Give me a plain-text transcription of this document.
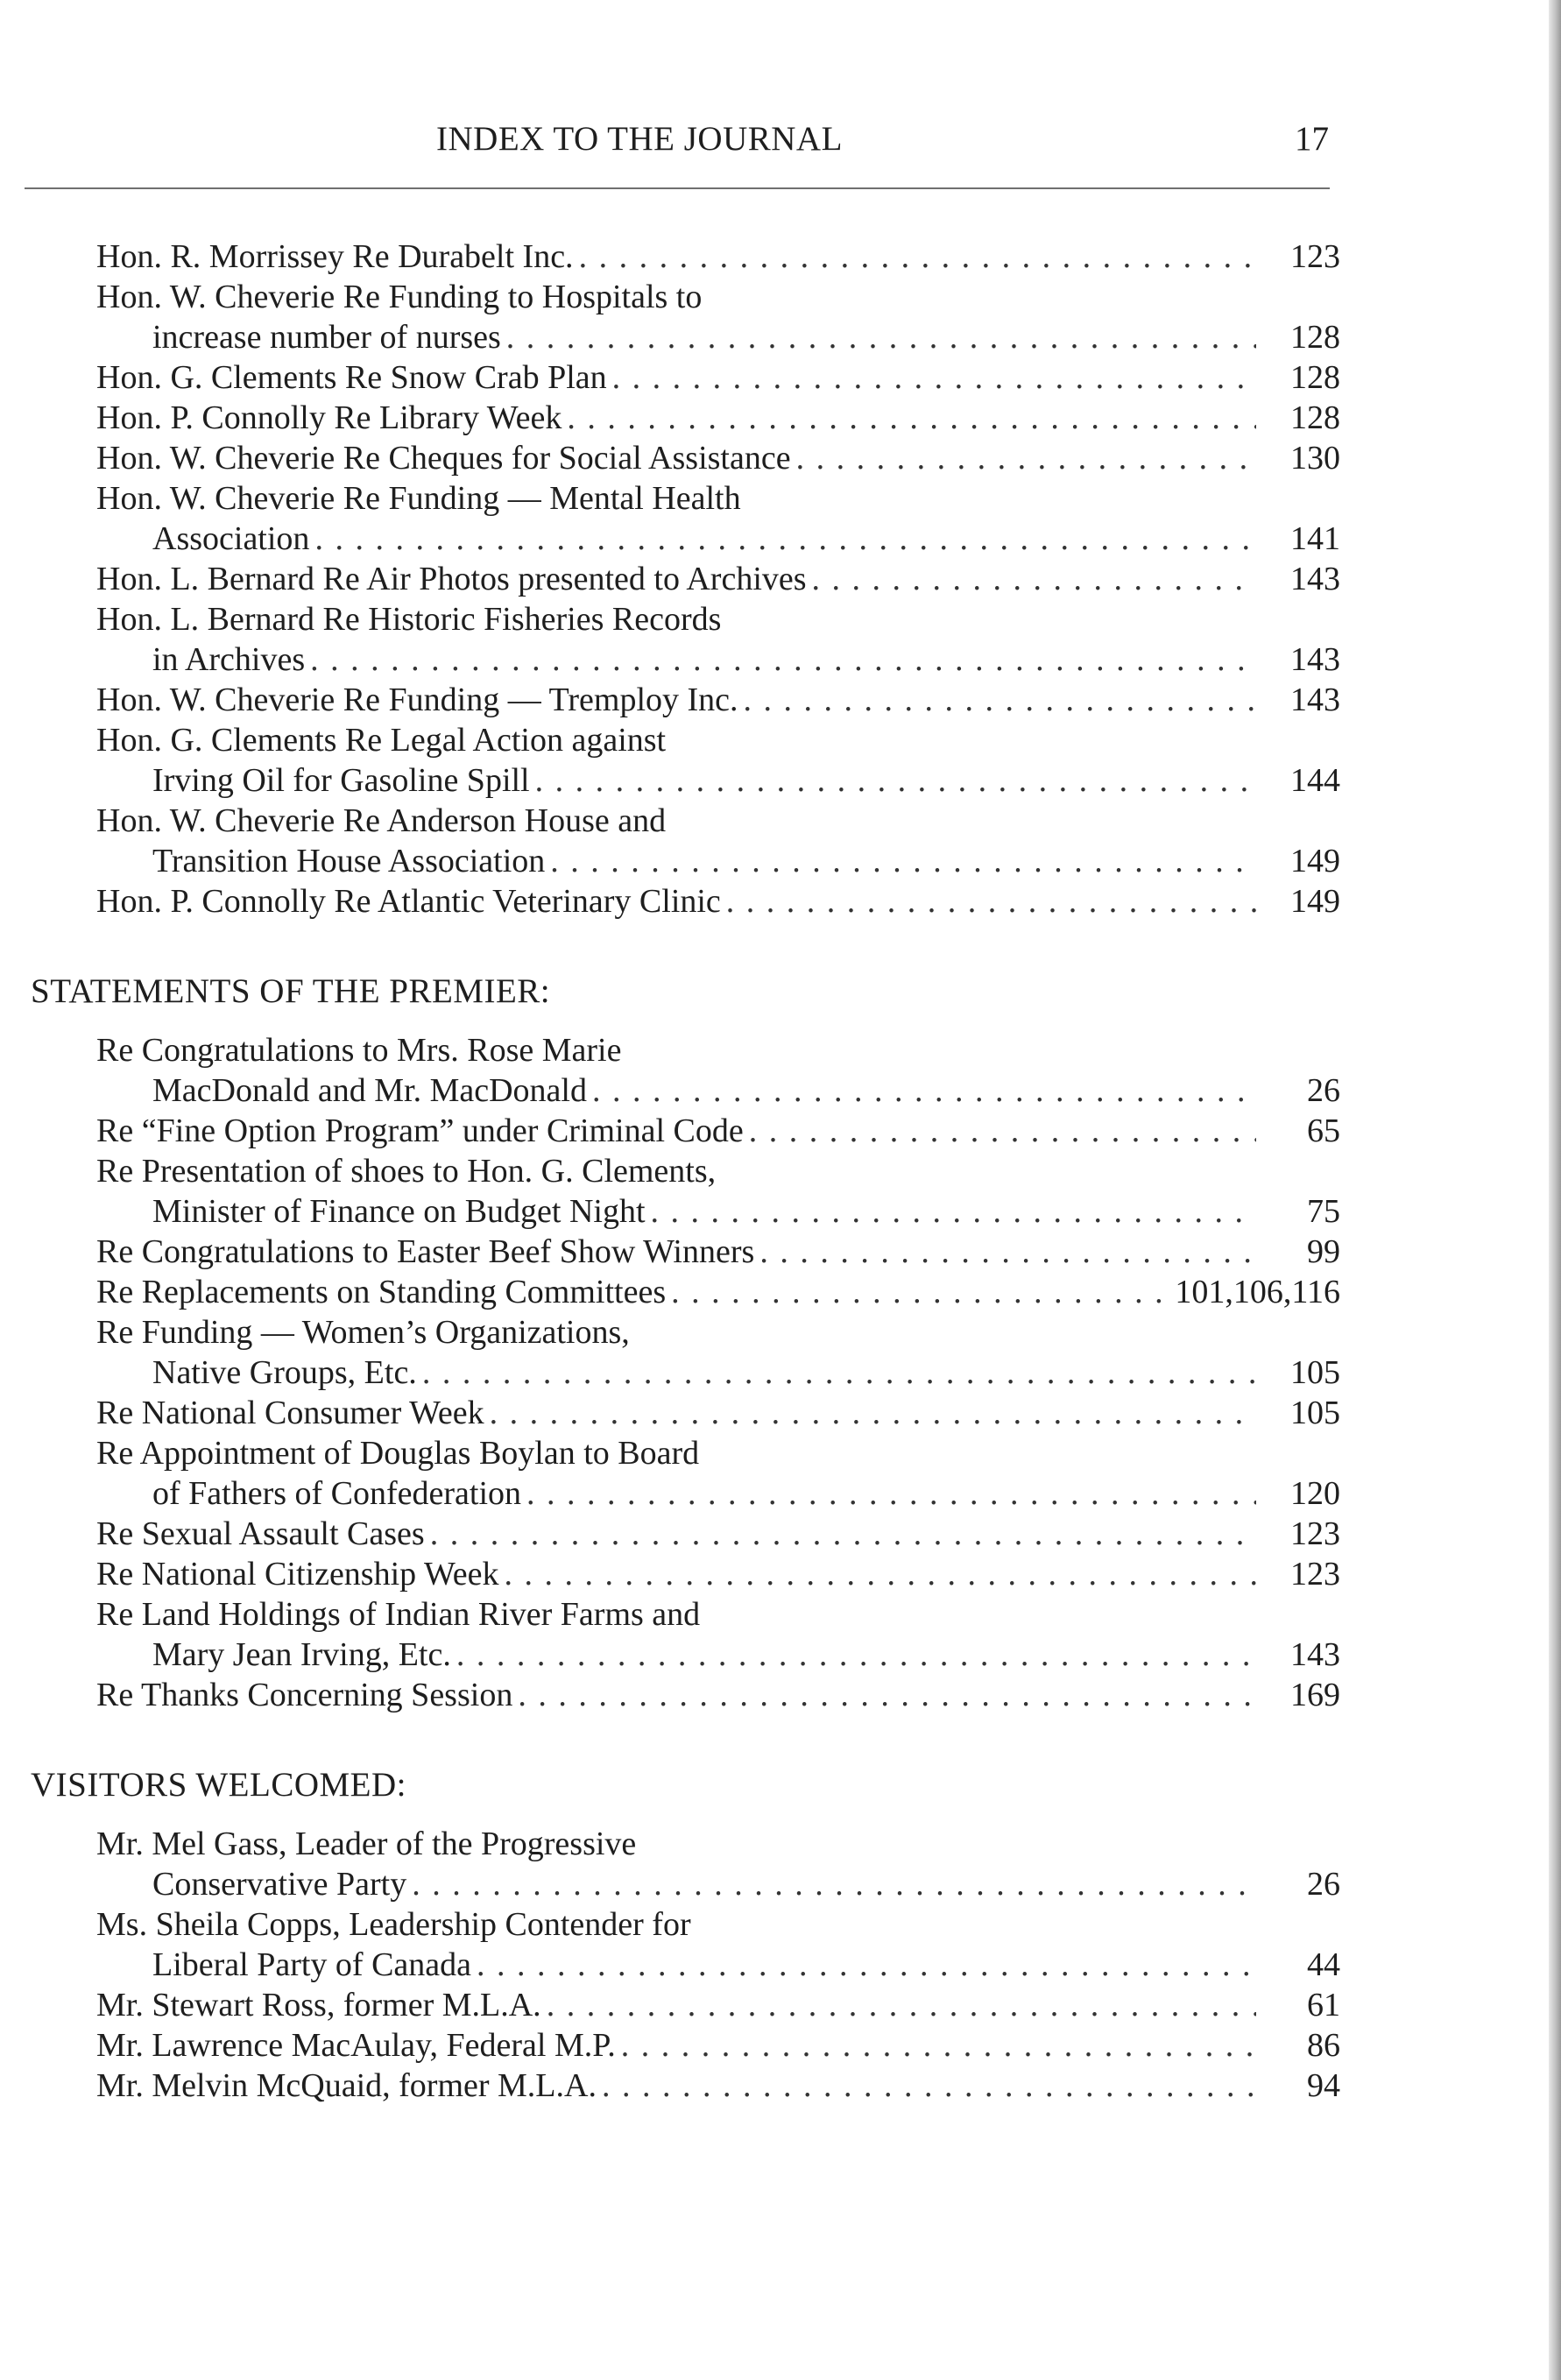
INDEX TO THE JOURNAL	17
Hon. R. Morrissey Re Durabelt Inc. . . .	123
Hon. W. Cheverie Re Funding to Hospitals to
increase number of nurses . . .	128
Hon. G. Clements Re Snow Crab Plan . . .	128
Hon. P. Connolly Re Library Week . . .	128
Hon. W. Cheverie Re Cheques for Social Assistance . . .	130
Hon. W. Cheverie Re Funding — Mental Health
Association . . .	141
Hon. L. Bernard Re Air Photos presented to Archives . . .	143
Hon. L. Bernard Re Historic Fisheries Records
in Archives . . .	143
Hon. W. Cheverie Re Funding — Tremploy Inc. . . .	143
Hon. G. Clements Re Legal Action against
Irving Oil for Gasoline Spill . . .	144
Hon. W. Cheverie Re Anderson House and
Transition House Association . . .	149
Hon. P. Connolly Re Atlantic Veterinary Clinic . . .	149
STATEMENTS OF THE PREMIER:
Re Congratulations to Mrs. Rose Marie
MacDonald and Mr. MacDonald . . .	26
Re “Fine Option Program” under Criminal Code . . .	65
Re Presentation of shoes to Hon. G. Clements,
Minister of Finance on Budget Night . . .	75
Re Congratulations to Easter Beef Show Winners . . .	99
Re Replacements on Standing Committees . . .	101,106,116
Re Funding — Women’s Organizations,
Native Groups, Etc. . . .	105
Re National Consumer Week . . .	105
Re Appointment of Douglas Boylan to Board
of Fathers of Confederation . . .	120
Re Sexual Assault Cases . . .	123
Re National Citizenship Week . . .	123
Re Land Holdings of Indian River Farms and
Mary Jean Irving, Etc. . . .	143
Re Thanks Concerning Session . . .	169
VISITORS WELCOMED:
Mr. Mel Gass, Leader of the Progressive
Conservative Party . . .	26
Ms. Sheila Copps, Leadership Contender for
Liberal Party of Canada . . .	44
Mr. Stewart Ross, former M.L.A. . . .	61
Mr. Lawrence MacAulay, Federal M.P. . . .	86
Mr. Melvin McQuaid, former M.L.A. . . .	94
